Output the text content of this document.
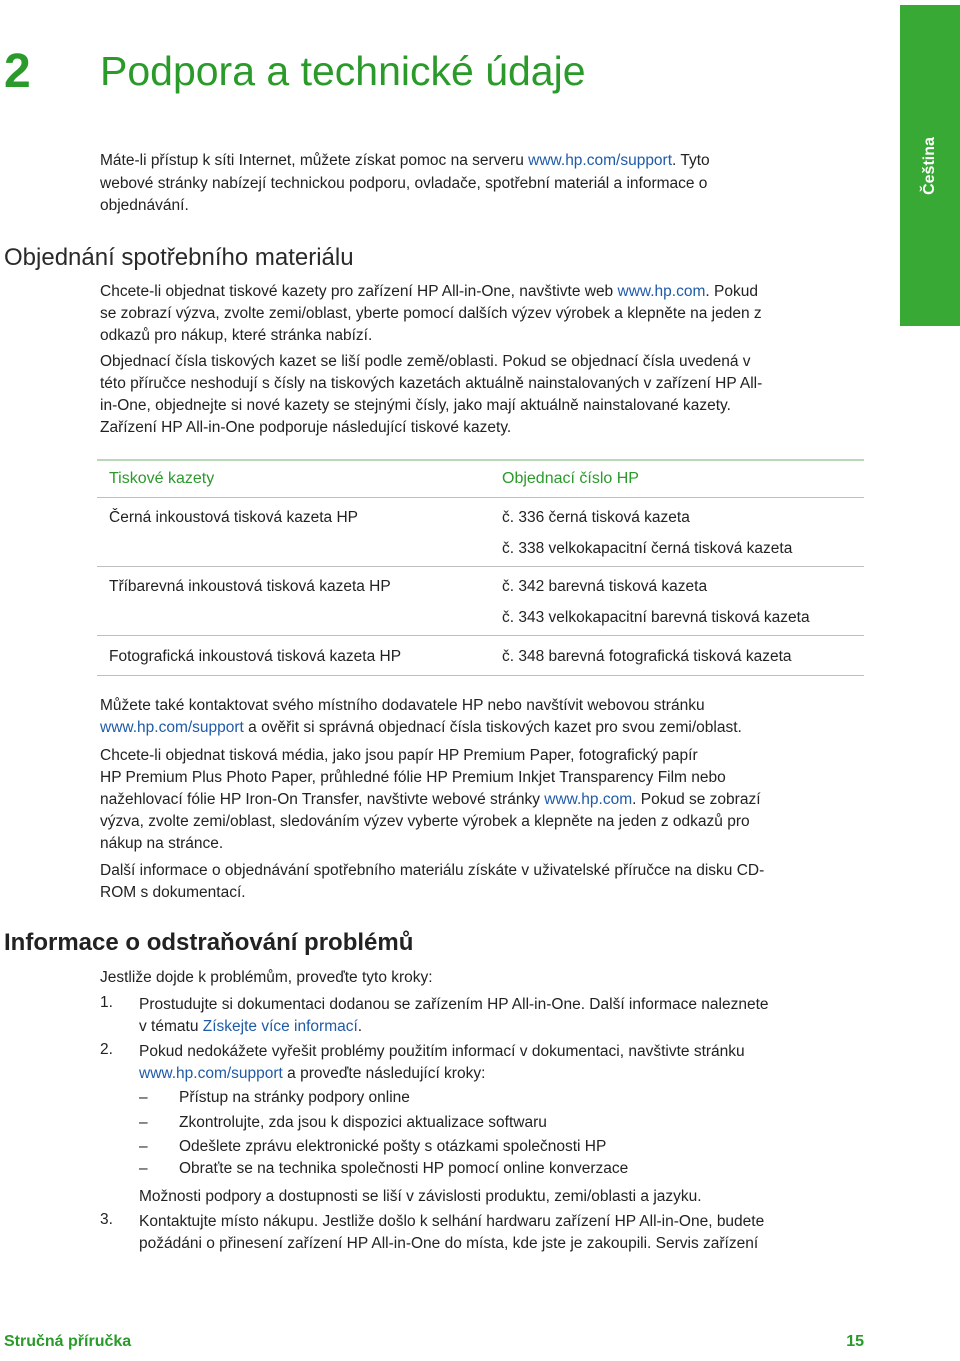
2 Podpora a technické údaje
Čeština
Máte-li přístup k síti Internet, můžete získat pomoc na serveru www.hp.com/support. Tyto
webové stránky nabízejí technickou podporu, ovladače, spotřební materiál a informace o
objednávání.
Objednání spotřebního materiálu
Chcete-li objednat tiskové kazety pro zařízení HP All-in-One, navštivte web www.hp.com. Pokud
se zobrazí výzva, zvolte zemi/oblast, yberte pomocí dalších výzev výrobek a klepněte na jeden z
odkazů pro nákup, které stránka nabízí.
Objednací čísla tiskových kazet se liší podle země/oblasti. Pokud se objednací čísla uvedená v
této příručce neshodují s čísly na tiskových kazetách aktuálně nainstalovaných v zařízení HP All-
in-One, objednejte si nové kazety se stejnými čísly, jako mají aktuálně nainstalované kazety.
Zařízení HP All-in-One podporuje následující tiskové kazety.
Tiskové kazety	Objednací číslo HP
Černá inkoustová tisková kazeta HP	č. 336 černá tisková kazeta
č. 338 velkokapacitní černá tisková kazeta
Tříbarevná inkoustová tisková kazeta HP	č. 342 barevná tisková kazeta
č. 343 velkokapacitní barevná tisková kazeta
Fotografická inkoustová tisková kazeta HP	č. 348 barevná fotografická tisková kazeta
Můžete také kontaktovat svého místního dodavatele HP nebo navštívit webovou stránku
www.hp.com/support a ověřit si správná objednací čísla tiskových kazet pro svou zemi/oblast.
Chcete-li objednat tisková média, jako jsou papír HP Premium Paper, fotografický papír
HP Premium Plus Photo Paper, průhledné fólie HP Premium Inkjet Transparency Film nebo
nažehlovací fólie HP Iron-On Transfer, navštivte webové stránky www.hp.com. Pokud se zobrazí
výzva, zvolte zemi/oblast, sledováním výzev vyberte výrobek a klepněte na jeden z odkazů pro
nákup na stránce.
Další informace o objednávání spotřebního materiálu získáte v uživatelské příručce na disku CD-
ROM s dokumentací.
Informace o odstraňování problémů
Jestliže dojde k problémům, proveďte tyto kroky:
1. Prostudujte si dokumentaci dodanou se zařízením HP All-in-One. Další informace naleznete
v tématu Získejte více informací.
2. Pokud nedokážete vyřešit problémy použitím informací v dokumentaci, navštivte stránku
www.hp.com/support a proveďte následující kroky:
– Přístup na stránky podpory online
– Zkontrolujte, zda jsou k dispozici aktualizace softwaru
– Odešlete zprávu elektronické pošty s otázkami společnosti HP
– Obraťte se na technika společnosti HP pomocí online konverzace
Možnosti podpory a dostupnosti se liší v závislosti produktu, zemi/oblasti a jazyku.
3. Kontaktujte místo nákupu. Jestliže došlo k selhání hardwaru zařízení HP All-in-One, budete
požádáni o přinesení zařízení HP All-in-One do místa, kde jste je zakoupili. Servis zařízení
Stručná příručka	15
